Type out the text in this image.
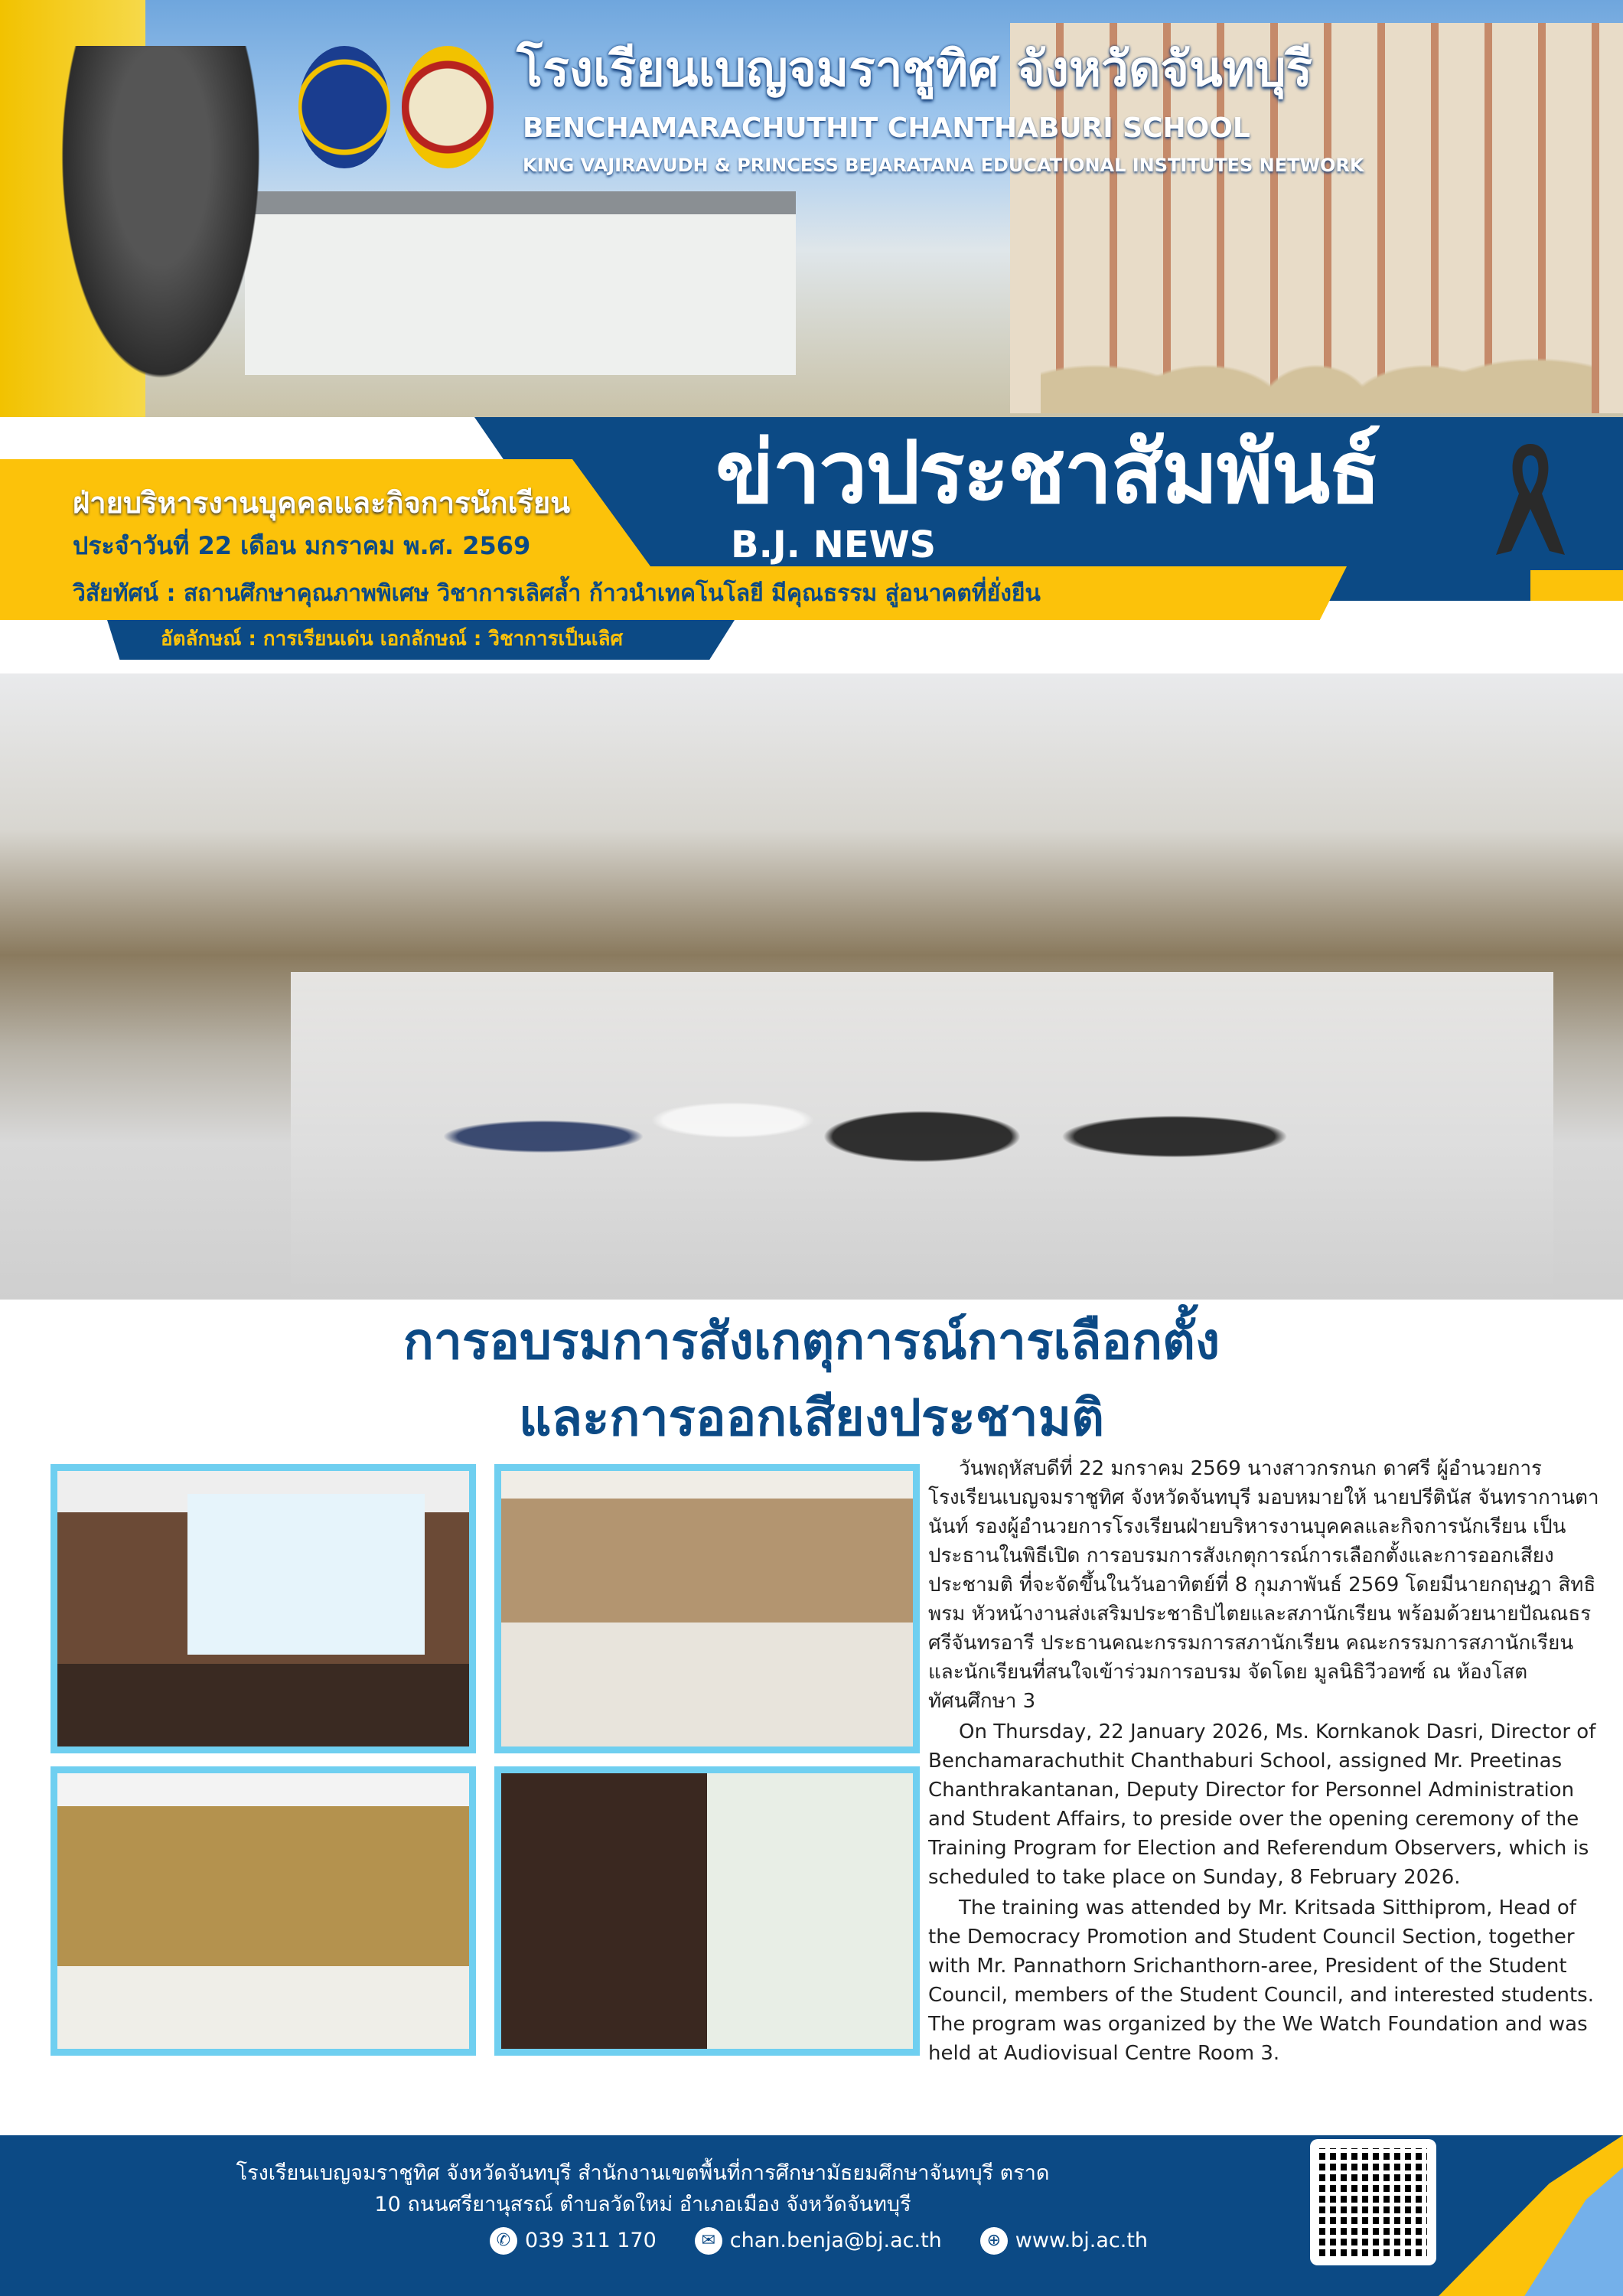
โรงเรียนเบญจมราชูทิศ จังหวัดจันทบุรี
BENCHAMARACHUTHIT CHANTHABURI SCHOOL
KING VAJIRAVUDH & PRINCESS BEJARATANA EDUCATIONAL INSTITUTES NETWORK
ฝ่ายบริหารงานบุคคลและกิจการนักเรียน
ประจำวันที่ 22 เดือน มกราคม พ.ศ. 2569
ข่าวประชาสัมพันธ์
B.J. NEWS
วิสัยทัศน์ : สถานศึกษาคุณภาพพิเศษ วิชาการเลิศล้ำ ก้าวนำเทคโนโลยี มีคุณธรรม สู่อนาคตที่ยั่งยืน
อัตลักษณ์ : การเรียนเด่น เอกลักษณ์ : วิชาการเป็นเลิศ
การอบรมการสังเกตุการณ์การเลือกตั้ง
และการออกเสียงประชามติ

วันพฤหัสบดีที่ 22 มกราคม 2569 นางสาวกรกนก ดาศรี ผู้อำนวยการโรงเรียนเบญจมราชูทิศ จังหวัดจันทบุรี มอบหมายให้ นายปรีตินัส จันทรากานตานันท์ รองผู้อำนวยการโรงเรียนฝ่ายบริหารงานบุคคลและกิจการนักเรียน เป็นประธานในพิธีเปิด การอบรมการสังเกตุการณ์การเลือกตั้งและการออกเสียงประชามติ ที่จะจัดขึ้นในวันอาทิตย์ที่ 8 กุมภาพันธ์ 2569 โดยมีนายกฤษฎา สิทธิพรม หัวหน้างานส่งเสริมประชาธิปไตยและสภานักเรียน พร้อมด้วยนายปัณณธร ศรีจันทรอารี ประธานคณะกรรมการสภานักเรียน คณะกรรมการสภานักเรียนและนักเรียนที่สนใจเข้าร่วมการอบรม จัดโดย มูลนิธิวีวอทซ์ ณ ห้องโสตทัศนศึกษา 3

On Thursday, 22 January 2026, Ms. Kornkanok Dasri, Director of Benchamarachuthit Chanthaburi School, assigned Mr. Preetinas Chanthrakantanan, Deputy Director for Personnel Administration and Student Affairs, to preside over the opening ceremony of the Training Program for Election and Referendum Observers, which is scheduled to take place on Sunday, 8 February 2026.

The training was attended by Mr. Kritsada Sitthiprom, Head of the Democracy Promotion and Student Council Section, together with Mr. Pannathorn Srichanthorn-aree, President of the Student Council, members of the Student Council, and interested students. The program was organized by the We Watch Foundation and was held at Audiovisual Centre Room 3.

โรงเรียนเบญจมราชูทิศ จังหวัดจันทบุรี สำนักงานเขตพื้นที่การศึกษามัธยมศึกษาจันทบุรี ตราด
10 ถนนศรียานุสรณ์ ตำบลวัดใหม่ อำเภอเมือง จังหวัดจันทบุรี
✆ 039 311 170	✉ chan.benja@bj.ac.th	⊕ www.bj.ac.th
